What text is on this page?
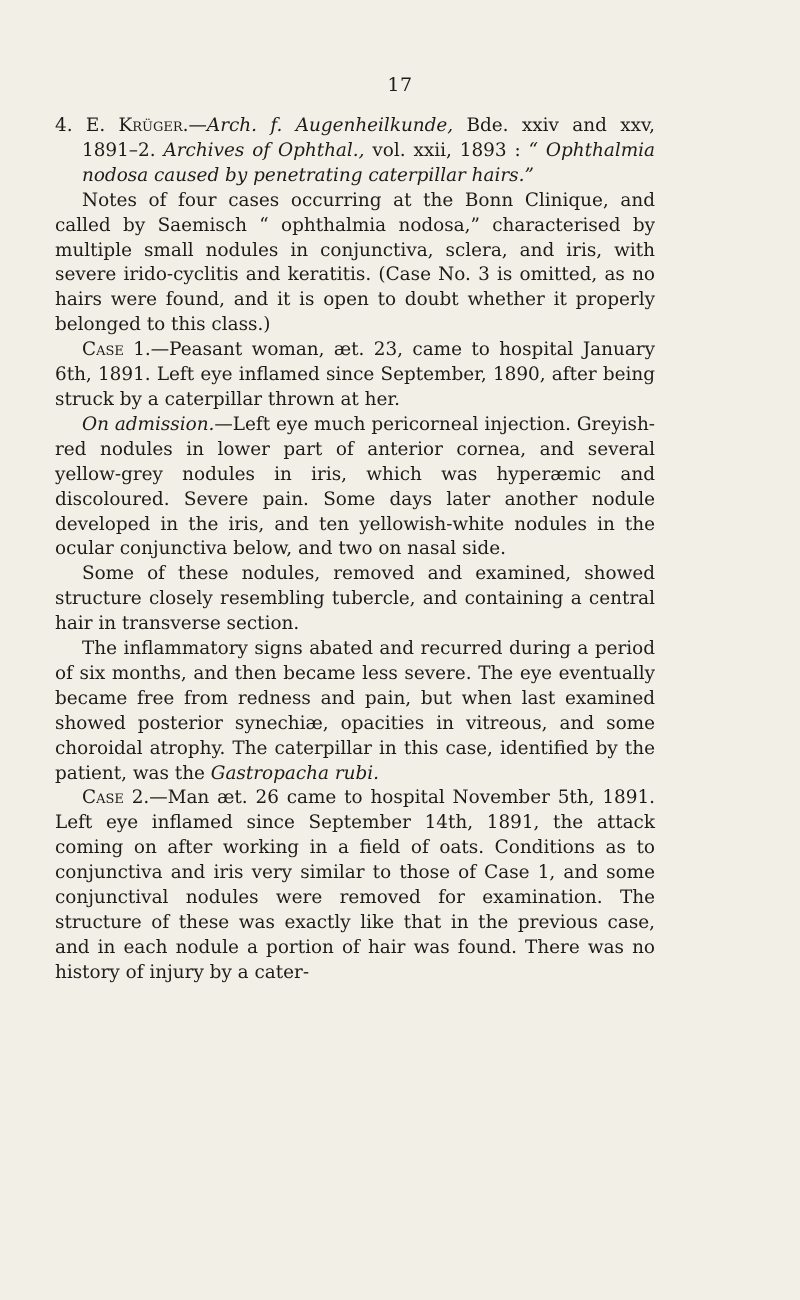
17

4. E. Krüger.—Arch. f. Augenheilkunde, Bde. xxiv and xxv, 1891–2. Archives of Ophthal., vol. xxii, 1893 : “ Ophthalmia nodosa caused by penetrating caterpillar hairs.”

Notes of four cases occurring at the Bonn Clinique, and called by Saemisch “ ophthalmia nodosa,” characterised by multiple small nodules in conjunctiva, sclera, and iris, with severe irido-cyclitis and keratitis. (Case No. 3 is omitted, as no hairs were found, and it is open to doubt whether it properly belonged to this class.)

Case 1.—Peasant woman, æt. 23, came to hospital January 6th, 1891. Left eye inflamed since September, 1890, after being struck by a caterpillar thrown at her.

On admission.—Left eye much pericorneal injection. Greyish-red nodules in lower part of anterior cornea, and several yellow-grey nodules in iris, which was hyperæmic and discoloured. Severe pain. Some days later another nodule developed in the iris, and ten yellowish-white nodules in the ocular conjunctiva below, and two on nasal side.

Some of these nodules, removed and examined, showed structure closely resembling tubercle, and containing a central hair in transverse section.

The inflammatory signs abated and recurred during a period of six months, and then became less severe. The eye eventually became free from redness and pain, but when last examined showed posterior synechiæ, opacities in vitreous, and some choroidal atrophy. The caterpillar in this case, identified by the patient, was the Gastropacha rubi.

Case 2.—Man æt. 26 came to hospital November 5th, 1891. Left eye inflamed since September 14th, 1891, the attack coming on after working in a field of oats. Conditions as to conjunctiva and iris very similar to those of Case 1, and some conjunctival nodules were removed for examination. The structure of these was exactly like that in the previous case, and in each nodule a portion of hair was found. There was no history of injury by a cater-
